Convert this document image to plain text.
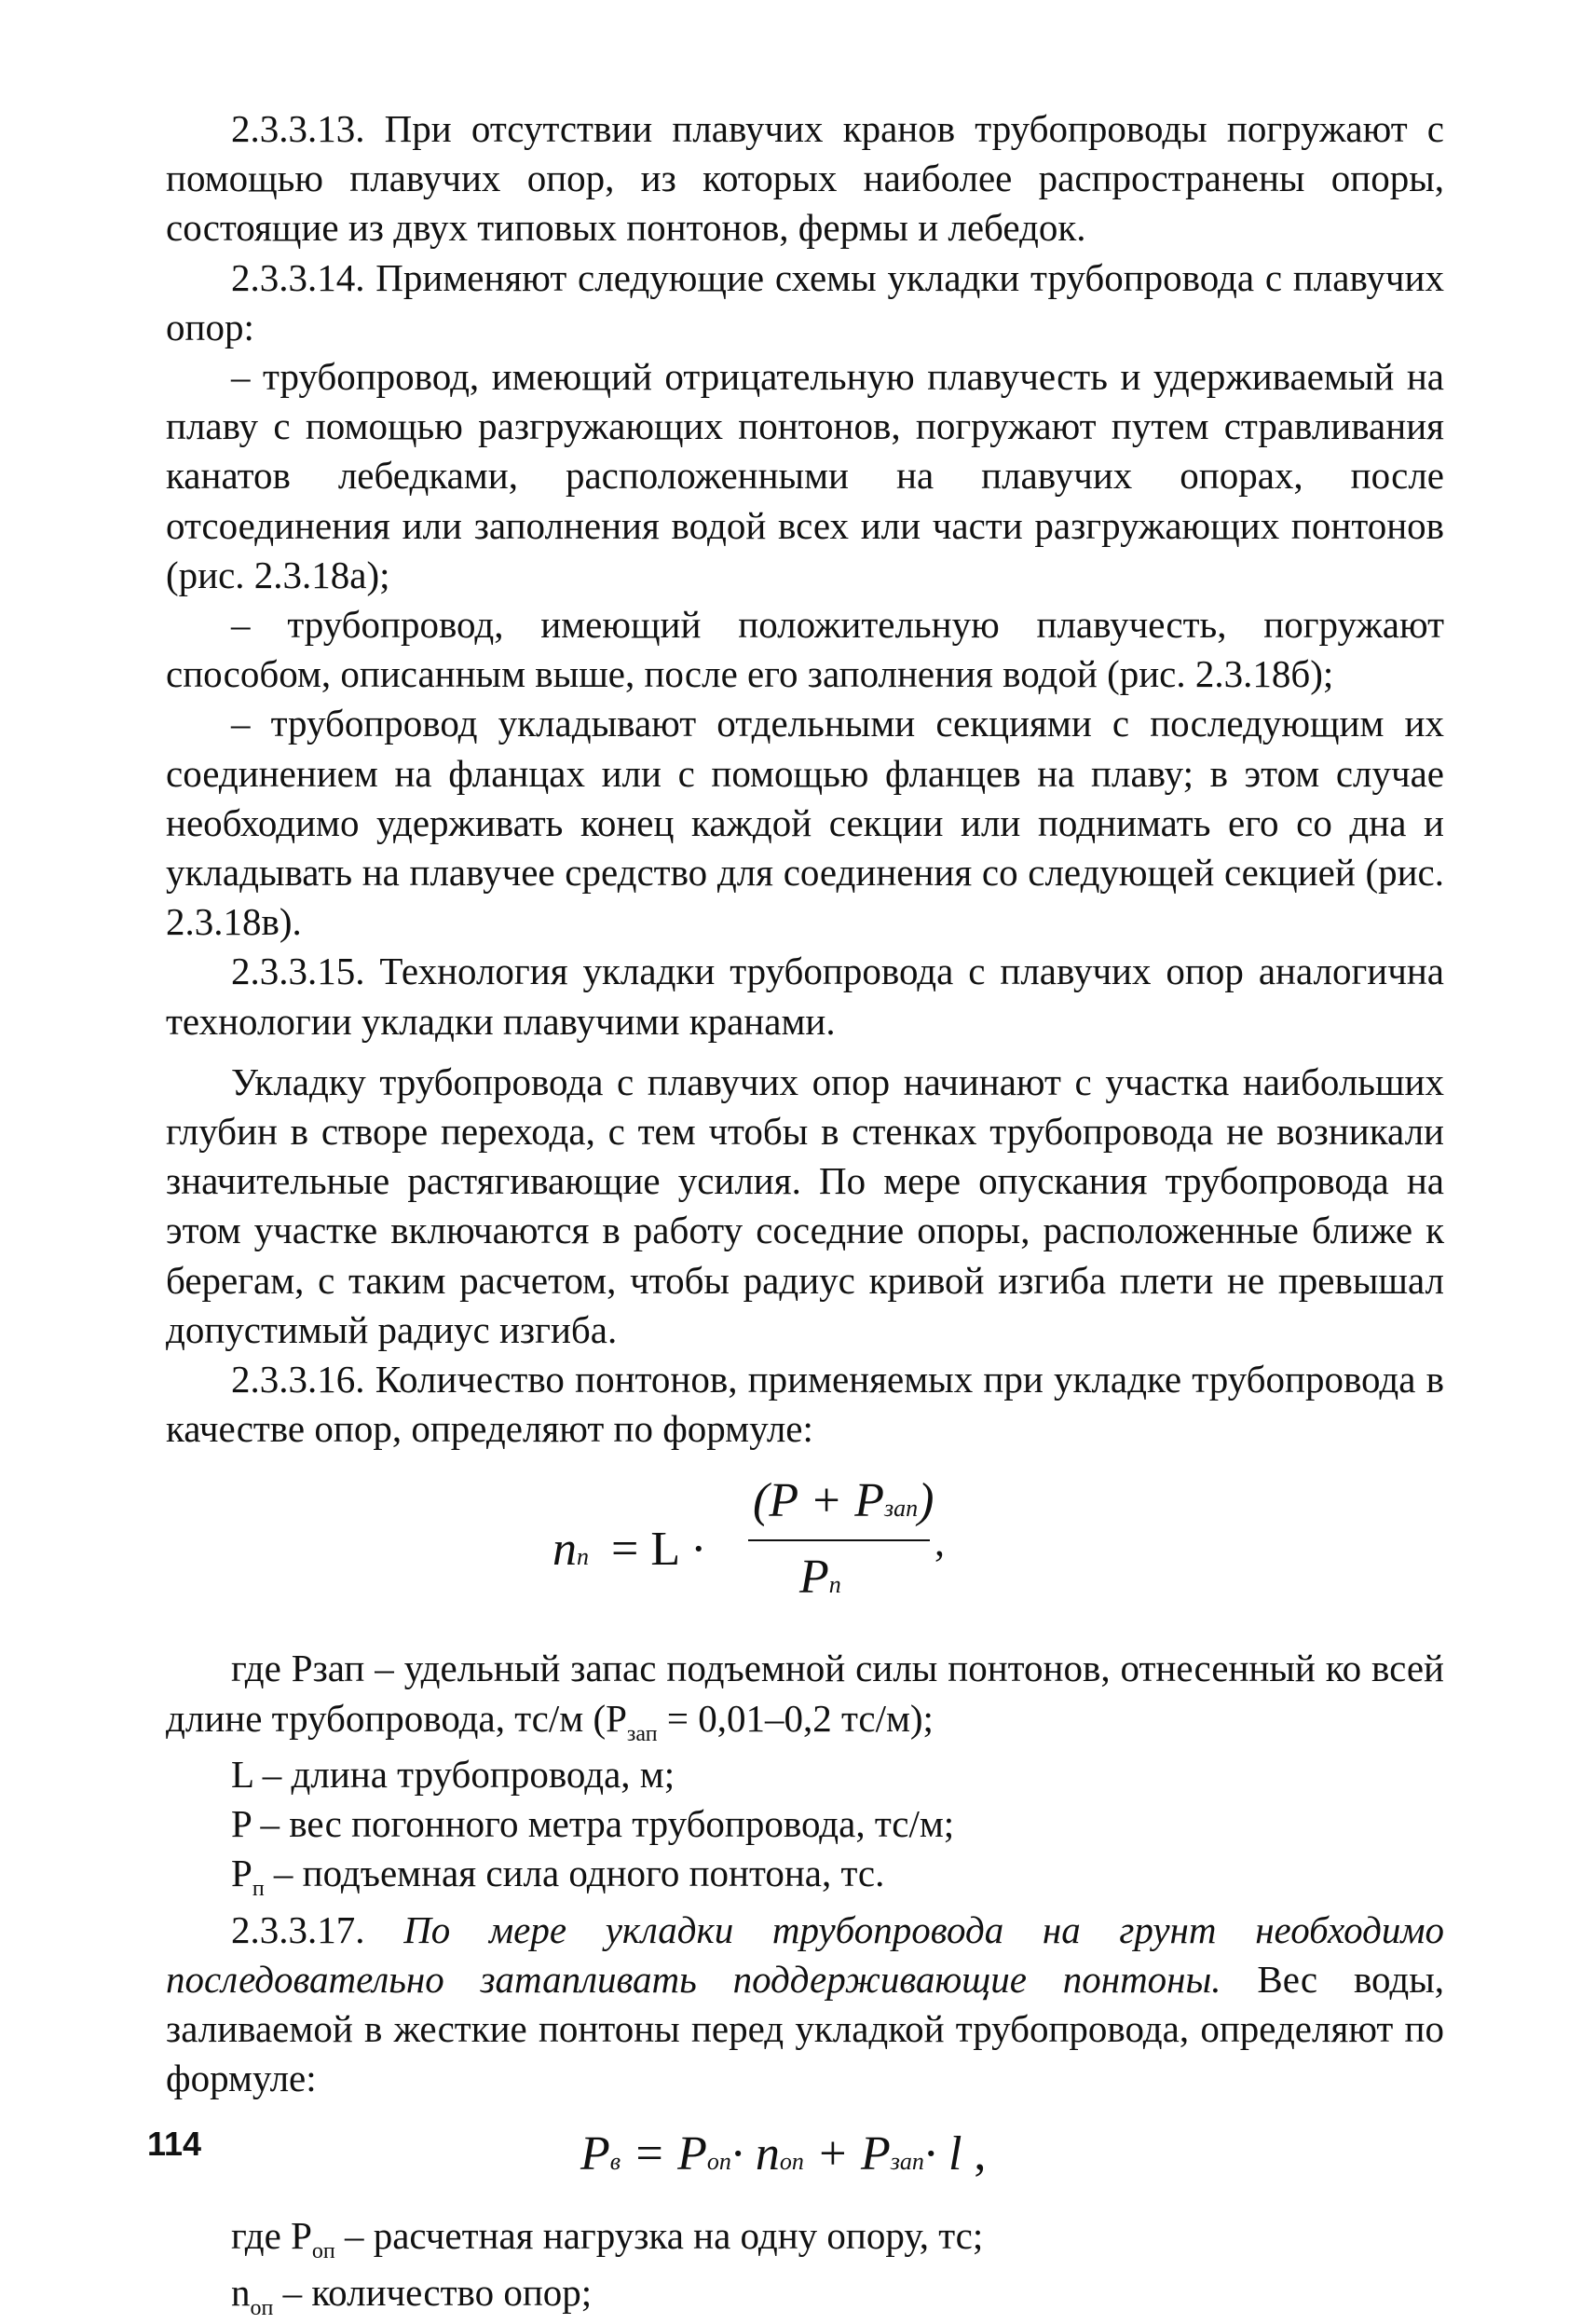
2.3.3.13. При отсутствии плавучих кранов трубопроводы погружают с помощью плавучих опор, из которых наиболее распространены опоры, состоящие из двух типовых понтонов, фермы и лебедок.

2.3.3.14. Применяют следующие схемы укладки трубопровода с плавучих опор:

– трубопровод, имеющий отрицательную плавучесть и удерживаемый на плаву с помощью разгружающих понтонов, погружают путем стравливания канатов лебедками, расположенными на плавучих опорах, после отсоединения или заполнения водой всех или части разгружающих понтонов (рис. 2.3.18а);

– трубопровод, имеющий положительную плавучесть, погружают способом, описанным выше, после его заполнения водой (рис. 2.3.18б);

– трубопровод укладывают отдельными секциями с последующим их соединением на фланцах или с помощью фланцев на плаву; в этом случае необходимо удерживать конец каждой секции или поднимать его со дна и укладывать на плавучее средство для соединения со следующей секцией (рис. 2.3.18в).

2.3.3.15. Технология укладки трубопровода с плавучих опор аналогична технологии укладки плавучими кранами.

Укладку трубопровода с плавучих опор начинают с участка наибольших глубин в створе перехода, с тем чтобы в стенках трубопровода не возникали значительные растягивающие усилия. По мере опускания трубопровода на этом участке включаются в работу соседние опоры, расположенные ближе к берегам, с таким расчетом, чтобы радиус кривой изгиба плети не превышал допустимый радиус изгиба.

2.3.3.16. Количество понтонов, применяемых при укладке трубопровода в качестве опор, определяют по формуле:

nп = L ·
(P + Pзап)
Pп
,

где Рзап – удельный запас подъемной силы понтонов, отнесенный ко всей длине трубопровода, тс/м ($Р_{зап} = 0,01-0,2$ тс/м);

L – длина трубопровода, м;

P – вес погонного метра трубопровода, тс/м;

$Р_п$ – подъемная сила одного понтона, тс.

2.3.3.17. По мере укладки трубопровода на грунт необходимо последовательно затапливать поддерживающие понтоны. Вес воды, заливаемой в жесткие понтоны перед укладкой трубопровода, определяют по формуле:

Pв = Pоп· nоп + Pзап· l ,

где $Р_{оп}$ – расчетная нагрузка на одну опору, тс;

$n_{оп}$ – количество опор;

114
